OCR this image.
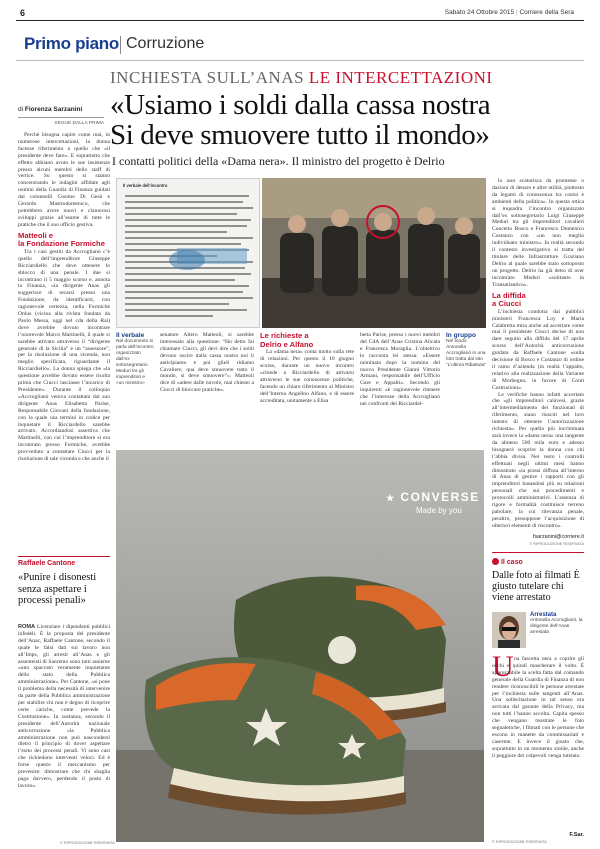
6	Sabato 24 Ottobre 2015 | Corriere della Sera
Primo piano Corruzione
INCHIESTA SULL’ANAS LE INTERCETTAZIONI
«Usiamo i soldi dalla cassa nostra
Si deve smuovere tutto il mondo»
I contatti politici della «Dama nera». Il ministro del progetto è Delrio
di Fiorenza Sarzanini
SEGUE DALLA PRIMA

Perché bisogna capire come mai, in numerose intercettazioni, la donna facesse riferimento a quello che «il presidente deve fare». E soprattutto che effetto abbiano avuto le sue insistenze presso alcuni membri dello staff di vertice. Su questo si stanno concentrando le indagini affidate agli uomini della Guardia di Finanza guidati dai colonnelli Cosimo Di Gesù e Gerardo Mastrodomenico, che potrebbero avere nuovi e clamorosi sviluppi grazie all’esame di tutte le pratiche che il suo ufficio gestiva.

Matteoli e
la Fondazione Formiche

Tra i casi gestiti da Accroglianò c’è quello dell’imprenditore Giuseppe Ricciardiello che deve ottenere lo sblocco di una penale. I due si incontrano il 5 maggio scorso e, annota la Finanza, «la dirigente Anas gli suggerisce di recarsi presso una Fondazione, da identificarsi, con ragionevole certezza, nella Formiche Onlus (vicina alla rivista fondata da Paolo Messa, oggi nel cda della Rai) dove avrebbe dovuto incontrare l’onorevole Marco Martinelli, il quale si sarebbe attivato attraverso il “dirigente generale di la Sicilia” e un “assessore”, per la risoluzione di una vicenda, non meglio specificata, riguardante il Ricciardiello». La donna spiega che «la questione avrebbe dovuto essere risolta prima che Ciucci lasciasse l’incarico di Presidente». Durante il colloquio «Accroglianò veniva contattata dal suo dirigente Anas Elisabetta Parise, Responsabile Giovani della fondazione, con la quale usa termini in codice per inquietare il Ricciardello sarebbe arrivato. Accordiandosi assertiva che Martinelli, con cui l’imprenditore si era incontrato presso Formiche, avrebbe provveduto a contattare Ciucci per la risoluzione di tale vicenda e che anche il

Raffaele Cantone
«Punire i disonesti senza aspettare i processi penali»
ROMA Licenziare i dipendenti pubblici infedeli. È la proposta del presidente dell’Anac, Raffaele Cantone, secondo il quale le falsi dati sui lavoro non all’Imps, gli arresti all’Anas e gli assenteisti di Sanremo sono tutti assieme «uno spaccato veramente inquietante dello stato della Pubblica amministrazione». Per Cantone, «si pone il problema della necessità di intervenire da parte della Pubblica amministrazione per stabilire chi non è degno di ricoprire certe cariche, come prevede la Costituzione». In sostanza, secondo il presidente dell’Autorità nazionale anticorruzione «la Pubblica amministrazione non può nascondersi dietro il principio di dover aspettare l’esito dei processi penali. Vi sono casi che richiedono interventi veloci. Ed è forse questo il meccanismo per prevenire: dimostrare che chi sbaglia paga davvero, perdendo il posto di lavoro».
© RIPRODUZIONE RISERVATA
Il verbale dell’incontro
Il verbale
Nel documento si parla dell’incontro organizzato dall’ex sottosegretario Meduri tra gli imprenditori e «un ministro»
senatore Altero Matteoli, si sarebbe interessato alla questione: “Ho detto fai chiamare Ciucci, gli devi dire che i soldi devono uscire dalla cassa nostra noi li anticipiamo e poi glieli ridiamo Cavaliere, qua deve smuovere tutto il mondo, si deve smuovere”». Matteoli dice di «adere dalle nuvole, mai chiesto a Ciucci di bloccare pratiche».
Le richieste a
Delrio e Alfano

La «dama nera» conta molto sulla rete di relazioni. Per questo il 10 giugno scorso, durante un nuovo incontro «chiede a Ricciardello di attivarsi attraverso le sue conoscenze politiche, facendo un chiaro riferimento al Ministro dell’Interno Angelino Alfano, e di essere accreditata, unitamente a Elisa

betta Parise, presso i nuovi membri del CdA dell’Anas Cristina Alicata e Francesca Moraglia. L’obiettivo lo racconta lei stessa: «Essere nominata dopo la nomina del nuovo Presidente Gianni Vittorio Armani, responsabile dell’Ufficio Gare e Appalti». Secondo gli inquirenti «è ragionevole ritenere che l’interesse della Accroglianò nei confronti dei Ricciardel-
In gruppo
Nel tondo Antonella Accroglianò in una foto tratta dal sito “L’ultima Ribattuta”

lo non scaturisca da promesse o dazioni di denaro e altre utilità, piuttosto da legami di conoscenza tra costui e ambienti della politica». In questa ottica si inquadra l’incontro organizzato dall’ex sottosegretario Luigi Giuseppe Meduri tra gli imprenditori cavalieri Concetto Bosco e Francesco Domenico Costanzo con «un non meglio individuato ministro». In realtà secondo il contesto investigativo si tratta del titolare delle Infrastrutture Graziano Delrio al quale sarebbe stato sottoposto un progetto. Delrio ha già detto di aver incontrato Meduri «solitanto in Transatlantico».

La diffida
a Ciucci

L’inchiesta condotta dai pubblici ministeri Francesca Loy e Maria Calabretta mira anche ad accertare come mai il presidente Ciucci decise di non dare seguito alla diffida del 17 aprile scorso dell’Autorità anticorruzione guidata da Raffaele Cantone «sulla decisione di Bosco e Costanzo di ordine il ramo d’azienda (in realtà l’appalto, relativo alla realizzazione della Variante di Morbegno, in favore di Conti Costruzioni».

Le verifiche hanno infatti accertato che «gli imprenditori calavesi, grazie all’intermediamento dei funzionari di riferimento, siano riusciti nel loro intento di ottenere l’autorizzazione richiesta». Per quella più incriminata sarà invece la «dama nera» una tangente da almeno 500 mila euro e adesso bisognerà scoprire la donna con chi l’abbia divisa. Nei resto i controlli effettuati negli ultimi mesi hanno dimostrato «la prassi diffusa all’interno di Anas di gestire i rapporti con gli imprenditori basandosi più su relazioni personali che sui procedimenti e protocolli amministrativi. L’assenza di rigore e formalità costituisce terreno pabolare, la cui rilevanza penale, peraltro, presuppone l’acquisizione di ulteriori elementi di riscontro».

fsarzanini@corriere.it
© RIPRODUZIONE RISERVATA
★ CONVERSE
Made by you
Il caso
Dalle foto ai filmati È giusto tutelare chi viene arrestato
Arrestata
Antonella Accroglianò, la dirigente dell’Anas arrestata
U na fascetta nera a coprire gli occhi e quindi mascherare il volto. È apprezzabile la scelta fatta dal comando generale della Guardia di Finanza di non rendere riconoscibili le persone arrestate per l’inchiesta sulle tangenti all’Anas. Una sollecitazione in tal senso era arrivata dal garante della Privacy, ma non tutti l’hanno accolta. Capita spesso che vengano mostrate le foto segnaletiche, i filmati con le persone che escono in manette da commissariati e caserme. E invece il giusto che, soprattutto in un momento simile, anche il peggiore dei colpevoli venga tutelato.
F.Sar.
© RIPRODUZIONE RISERVATA
